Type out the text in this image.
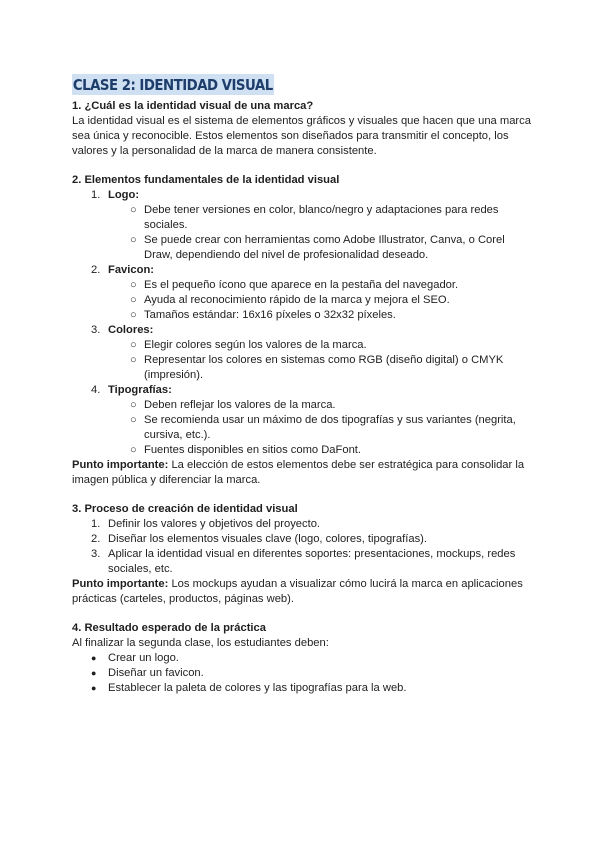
CLASE 2: IDENTIDAD VISUAL

1. ¿Cuál es la identidad visual de una marca?

La identidad visual es el sistema de elementos gráficos y visuales que hacen que una marca sea única y reconocible. Estos elementos son diseñados para transmitir el concepto, los valores y la personalidad de la marca de manera consistente.

2. Elementos fundamentales de la identidad visual

1. Logo:
○ Debe tener versiones en color, blanco/negro y adaptaciones para redes sociales.
○ Se puede crear con herramientas como Adobe Illustrator, Canva, o Corel Draw, dependiendo del nivel de profesionalidad deseado.
2. Favicon:
○ Es el pequeño ícono que aparece en la pestaña del navegador.
○ Ayuda al reconocimiento rápido de la marca y mejora el SEO.
○ Tamaños estándar: 16x16 píxeles o 32x32 píxeles.
3. Colores:
○ Elegir colores según los valores de la marca.
○ Representar los colores en sistemas como RGB (diseño digital) o CMYK (impresión).
4. Tipografías:
○ Deben reflejar los valores de la marca.
○ Se recomienda usar un máximo de dos tipografías y sus variantes (negrita, cursiva, etc.).
○ Fuentes disponibles en sitios como DaFont.

Punto importante: La elección de estos elementos debe ser estratégica para consolidar la imagen pública y diferenciar la marca.

3. Proceso de creación de identidad visual

1. Definir los valores y objetivos del proyecto.
2. Diseñar los elementos visuales clave (logo, colores, tipografías).
3. Aplicar la identidad visual en diferentes soportes: presentaciones, mockups, redes sociales, etc.

Punto importante: Los mockups ayudan a visualizar cómo lucirá la marca en aplicaciones prácticas (carteles, productos, páginas web).

4. Resultado esperado de la práctica

Al finalizar la segunda clase, los estudiantes deben:

● Crear un logo.
● Diseñar un favicon.
● Establecer la paleta de colores y las tipografías para la web.
